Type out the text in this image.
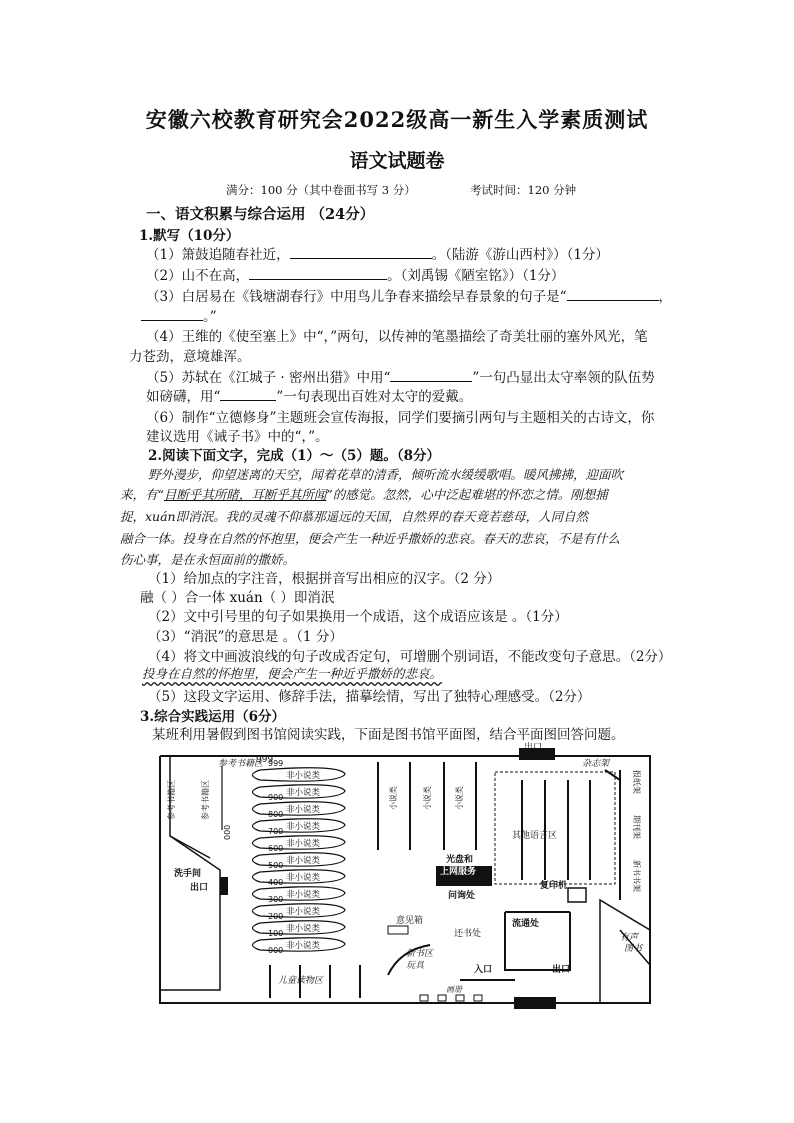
安徽六校教育研究会2022级高一新生入学素质测试
语文试题卷
满分：100 分（其中卷面书写 3 分）	考试时间：120 分钟
一、语文积累与综合运用 （24分）
1.默写（10分）
（1）箫鼓追随春社近，	。（陆游《游山西村》）（1分）
（2）山不在高，	。（刘禹锡《陋室铭》）（1分）
（3）白居易在《钱塘湖春行》中用鸟儿争春来描绘早春景象的句子是“	，
。”
（4）王维的《使至塞上》中“，”两句，以传神的笔墨描绘了奇美壮丽的塞外风光，笔
力苍劲，意境雄浑。
（5）苏轼在《江城子 · 密州出猎》中用“	”一句凸显出太守率领的队伍势
如磅礴，用“	”一句表现出百姓对太守的爱戴。
（6）制作“立德修身”主题班会宣传海报，同学们要摘引两句与主题相关的古诗文，你
建议选用《诫子书》中的“，”。
2.阅读下面文字，完成（1）～（5）题。（8分）
野外漫步，仰望迷离的天空，闻着花草的清香，倾听流水缓缓歌唱。暖风拂拂，迎面吹
来，有“目断乎其所睹，耳断乎其所闻”的感觉。忽然，心中泛起难堪的怀恋之情。刚想捕
捉，xuán即消泯。我的灵魂不仰慕那遥远的天国，自然界的春天竟若慈母，人同自然
融合一体。投身在自然的怀抱里，便会产生一种近乎撒娇的悲哀。春天的悲哀，不是有什么
伤心事，是在永恒面前的撒娇。
（1）给加点的字注音，根据拼音写出相应的汉字。（2 分）
融（ ）合一体 xuán（ ）即消泯
（2）文中引号里的句子如果换用一个成语，这个成语应该是 。（1分）
（3）“消泯”的意思是 。（1 分）
（4）将文中画波浪线的句子改成否定句，可增删个别词语，不能改变句子意思。（2分）
投身在自然的怀抱里，便会产生一种近乎撒娇的悲哀。
（5）这段文字运用、修辞手法，描摹绘情，写出了独特心理感受。（2分）
3.综合实践运用（6分）
某班利用暑假到图书馆阅读实践，下面是图书馆平面图，结合平面图回答问题。
出口
参考书籍区
999
参考书籍区	参考书籍区
000
999
900
800
700
600
500
400
300
200
100
000
非小说类
非小说类
非小说类
非小说类
非小说类
非小说类
非小说类
非小说类
非小说类
非小说类
非小说类
小说类	小说类	小说类
杂志架
报纸架
期刊架
新书书架
其他语言区
光盘和
上网服务
问询处
复印机
洗手间
出口
意见箱
还书处
流通处
有声
图书
新书区
玩具	入口	出口
儿童读物区
画册
